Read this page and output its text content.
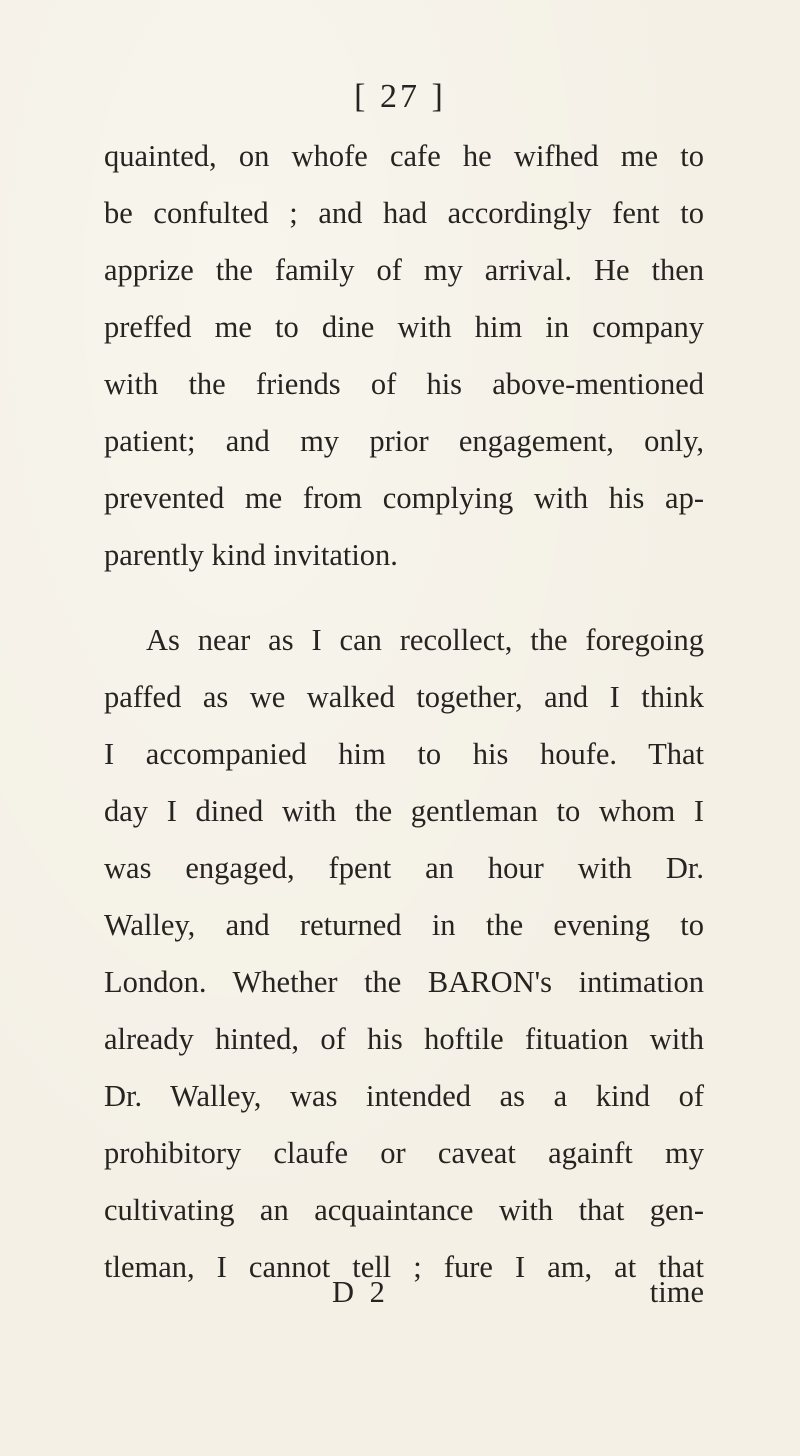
[ 27 ]
quainted, on whofe cafe he wifhed me to
be confulted ; and had accordingly fent to
apprize the family of my arrival. He then
preffed me to dine with him in company
with the friends of his above-mentioned
patient; and my prior engagement, only,
prevented me from complying with his ap-
parently kind invitation.
As near as I can recollect, the foregoing
paffed as we walked together, and I think
I accompanied him to his houfe. That
day I dined with the gentleman to whom I
was engaged, fpent an hour with Dr.
Walley, and returned in the evening to
London. Whether the BARON's intimation
already hinted, of his hoftile fituation with
Dr. Walley, was intended as a kind of
prohibitory claufe or caveat againft my
cultivating an acquaintance with that gen-
tleman, I cannot tell ; fure I am, at that
D 2	time
